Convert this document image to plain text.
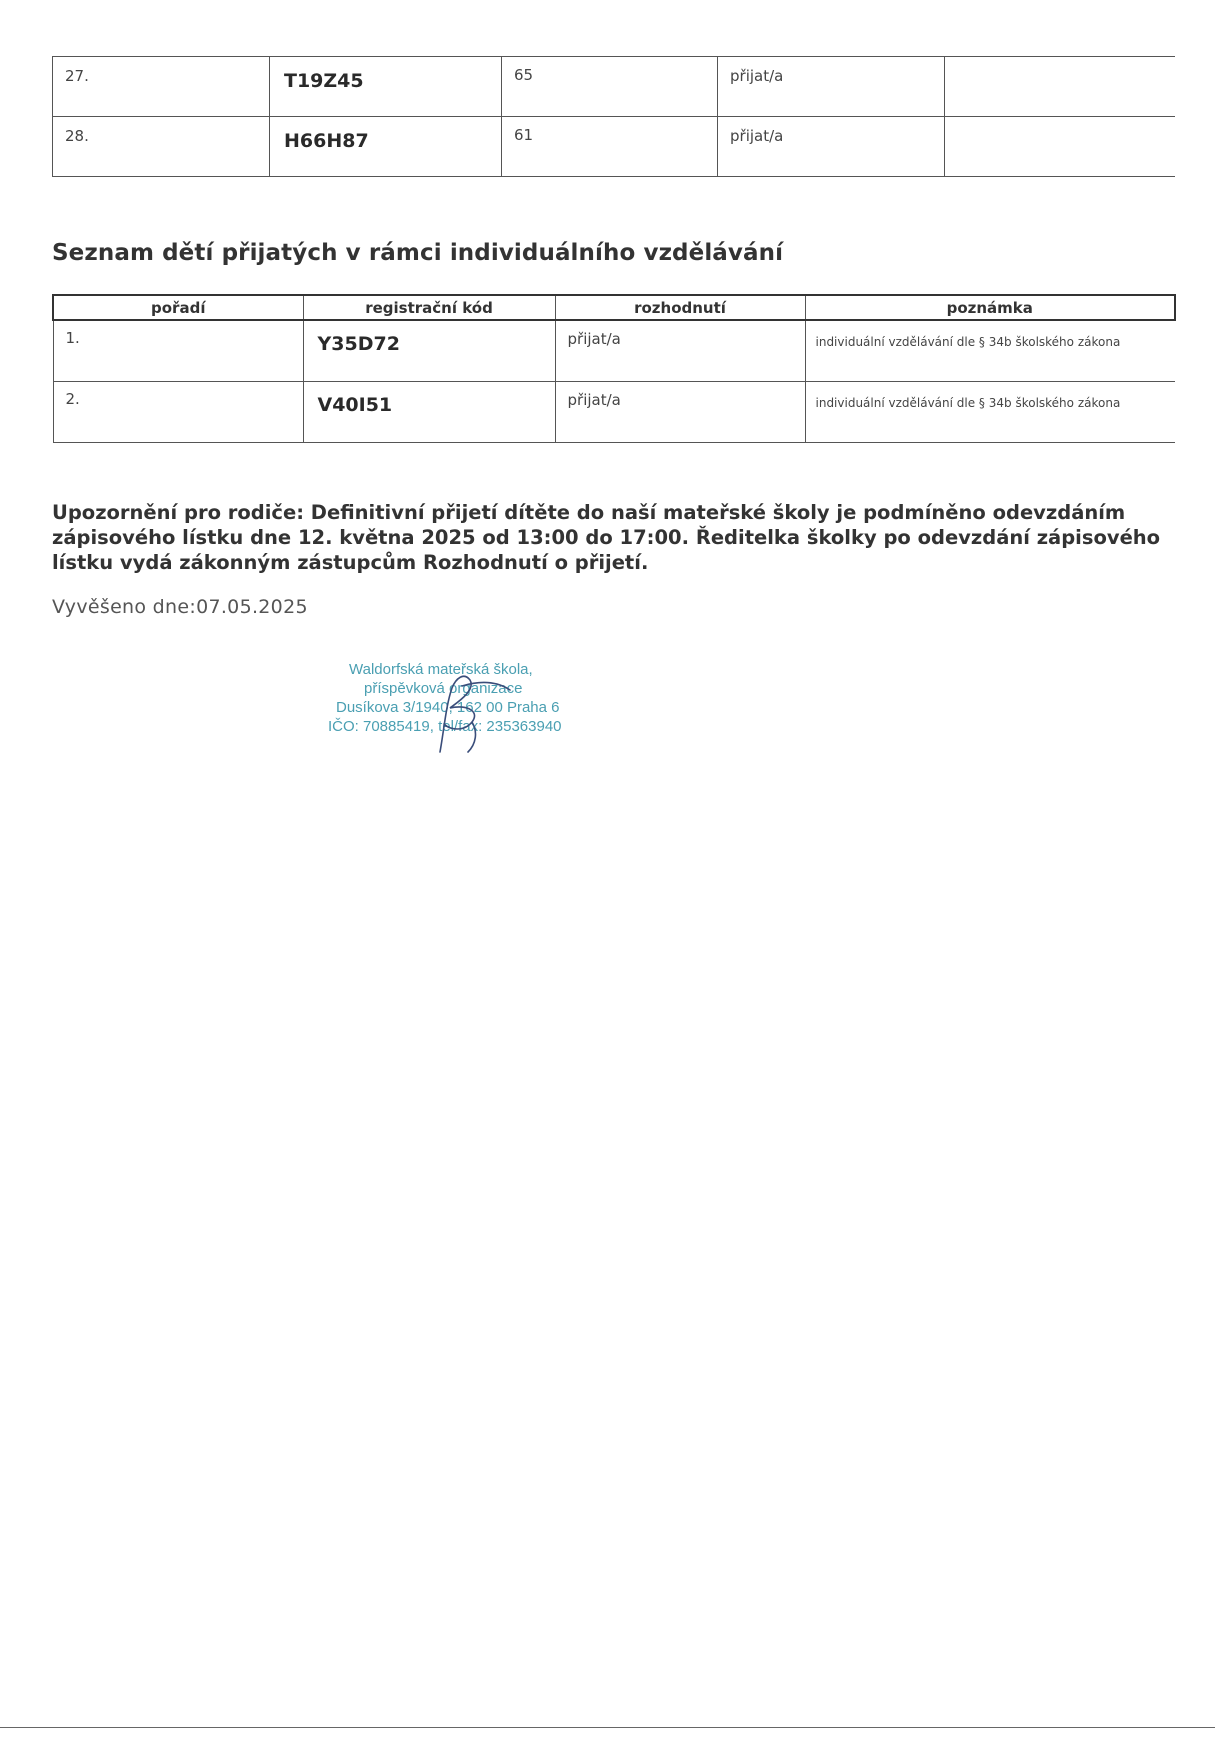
27.	T19Z45	65	přijat/a	
28.	H66H87	61	přijat/a	
Seznam dětí přijatých v rámci individuálního vzdělávání
pořadí	registrační kód	rozhodnutí	poznámka
1.	Y35D72	přijat/a	individuální vzdělávání dle § 34b školského zákona
2.	V40I51	přijat/a	individuální vzdělávání dle § 34b školského zákona

Upozornění pro rodiče: Definitivní přijetí dítěte do naší mateřské školy je podmíněno odevzdáním zápisového lístku dne 12. května 2025 od 13:00 do 17:00. Ředitelka školky po odevzdání zápisového lístku vydá zákonným zástupcům Rozhodnutí o přijetí.

Vyvěšeno dne:07.05.2025

Waldorfská mateřská škola,
příspěvková organizace
Dusíkova 3/1940, 162 00 Praha 6
IČO: 70885419, tel/fax: 235363940
